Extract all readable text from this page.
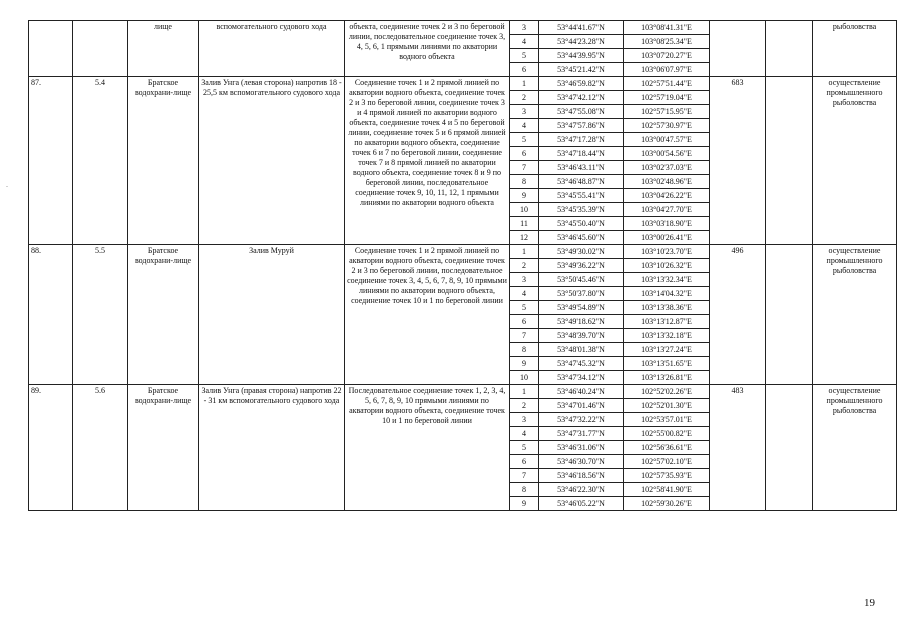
		лище	вспомогательного судового хода	объекта, соединение точек 2 и 3 по береговой линии, последовательное соединение точек 3, 4, 5, 6, 1 прямыми линиями по акватории водного объекта	3	53°44'41.67"N	103°08'41.31"E			рыболовства
					4	53°44'23.28"N	103°08'25.34"E			
					5	53°44'39.95"N	103°07'20.27"E			
					6	53°45'21.42"N	103°06'07.97"E			
87.	5.4	Братское водохрани-лище	Залив Унга (левая сторона) напротив 18 - 25,5 км вспомогательного судового хода	Соединение точек 1 и 2 прямой линией по акватории водного объекта, соединение точек 2 и 3 по береговой линии, соединение точек 3 и 4 прямой линией по акватории водного объекта, соединение точек 4 и 5 по береговой линии, соединение точек 5 и 6 прямой линией по акватории водного объекта, соединение точек 6 и 7 по береговой линии, соединение точек 7 и 8 прямой линией по акватории водного объекта, соединение точек 8 и 9 по береговой линии, последовательное соединение точек 9, 10, 11, 12, 1 прямыми линиями по акватории водного объекта	1	53°46'59.82"N	102°57'51.44"E	683		осуществление промышленного рыболовства
					2	53°47'42.12"N	102°57'19.04"E			
					3	53°47'55.08"N	102°57'15.95"E			
					4	53°47'57.86"N	102°57'30.97"E			
					5	53°47'17.28"N	103°00'47.57"E			
					6	53°47'18.44"N	103°00'54.56"E			
					7	53°46'43.11"N	103°02'37.03"E			
					8	53°46'48.87"N	103°02'48.96"E			
					9	53°45'55.41"N	103°04'26.22"E			
					10	53°45'35.39"N	103°04'27.70"E			
					11	53°45'50.40"N	103°03'18.90"E			
					12	53°46'45.60"N	103°00'26.41"E			
88.	5.5	Братское водохрани-лище	Залив Муруй	Соединение точек 1 и 2 прямой линией по акватории водного объекта, соединение точек 2 и 3 по береговой линии, последовательное соединение точек 3, 4, 5, 6, 7, 8, 9, 10 прямыми линиями по акватории водного объекта, соединение точек 10 и 1 по береговой линии	1	53°49'30.02"N	103°10'23.70"E	496		осуществление промышленного рыболовства
					2	53°49'36.22"N	103°10'26.32"E			
					3	53°50'45.46"N	103°13'32.34"E			
					4	53°50'37.80"N	103°14'04.32"E			
					5	53°49'54.89"N	103°13'38.36"E			
					6	53°49'18.62"N	103°13'12.87"E			
					7	53°48'39.70"N	103°13'32.18"E			
					8	53°48'01.38"N	103°13'27.24"E			
					9	53°47'45.32"N	103°13'51.65"E			
					10	53°47'34.12"N	103°13'26.81"E			
89.	5.6	Братское водохрани-лище	Залив Унга (правая сторона) напротив 22 - 31 км вспомогательного судового хода	Последовательное соединение точек 1, 2, 3, 4, 5, 6, 7, 8, 9, 10 прямыми линиями по акватории водного объекта, соединение точек 10 и 1 по береговой линии	1	53°46'40.24"N	102°52'02.26"E	483		осуществление промышленного рыболовства
					2	53°47'01.46"N	102°52'01.30"E			
					3	53°47'32.22"N	102°53'57.01"E			
					4	53°47'31.77"N	102°55'00.82"E			
					5	53°46'31.06"N	102°56'36.61"E			
					6	53°46'30.70"N	102°57'02.10"E			
					7	53°46'18.56"N	102°57'35.93"E			
					8	53°46'22.30"N	102°58'41.90"E			
					9	53°46'05.22"N	102°59'30.26"E			
.
19
